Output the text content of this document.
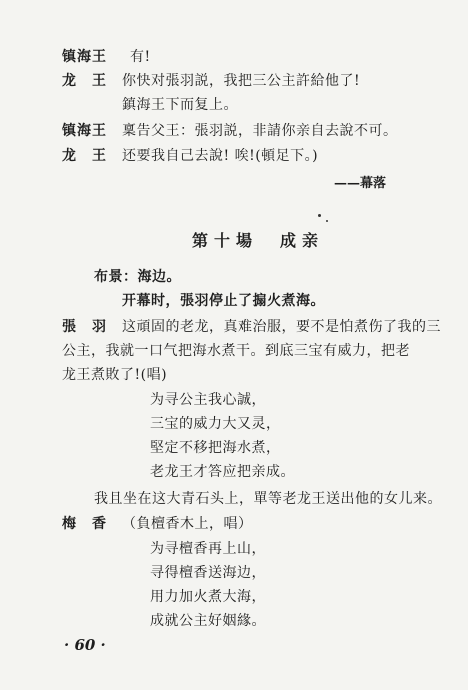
镇海王 有!
龙　王 你快对張羽説，我把三公主許給他了!
鎮海王下而复上。
镇海王 稟告父王：張羽説，非請你亲自去說不可。
龙　王 还要我自己去說! 唉!(頓足下。)
——幕落
第十場　成亲
布景：海边。
开幕时，張羽停止了搧火煮海。
張　羽 这頑固的老龙，真难治服，要不是怕煮伤了我的三
公主，我就一口气把海水煮干。到底三宝有威力，把老
龙王煮敗了!(唱)
为寻公主我心誠，
三宝的威力大又灵，
堅定不移把海水煮，
老龙王才答应把亲成。
我且坐在这大青石头上，單等老龙王送出他的女儿来。
梅　香 （負檀香木上，唱）
为寻檀香再上山，
寻得檀香送海边，
用力加火煮大海，
成就公主好姻緣。
· 60 ·
